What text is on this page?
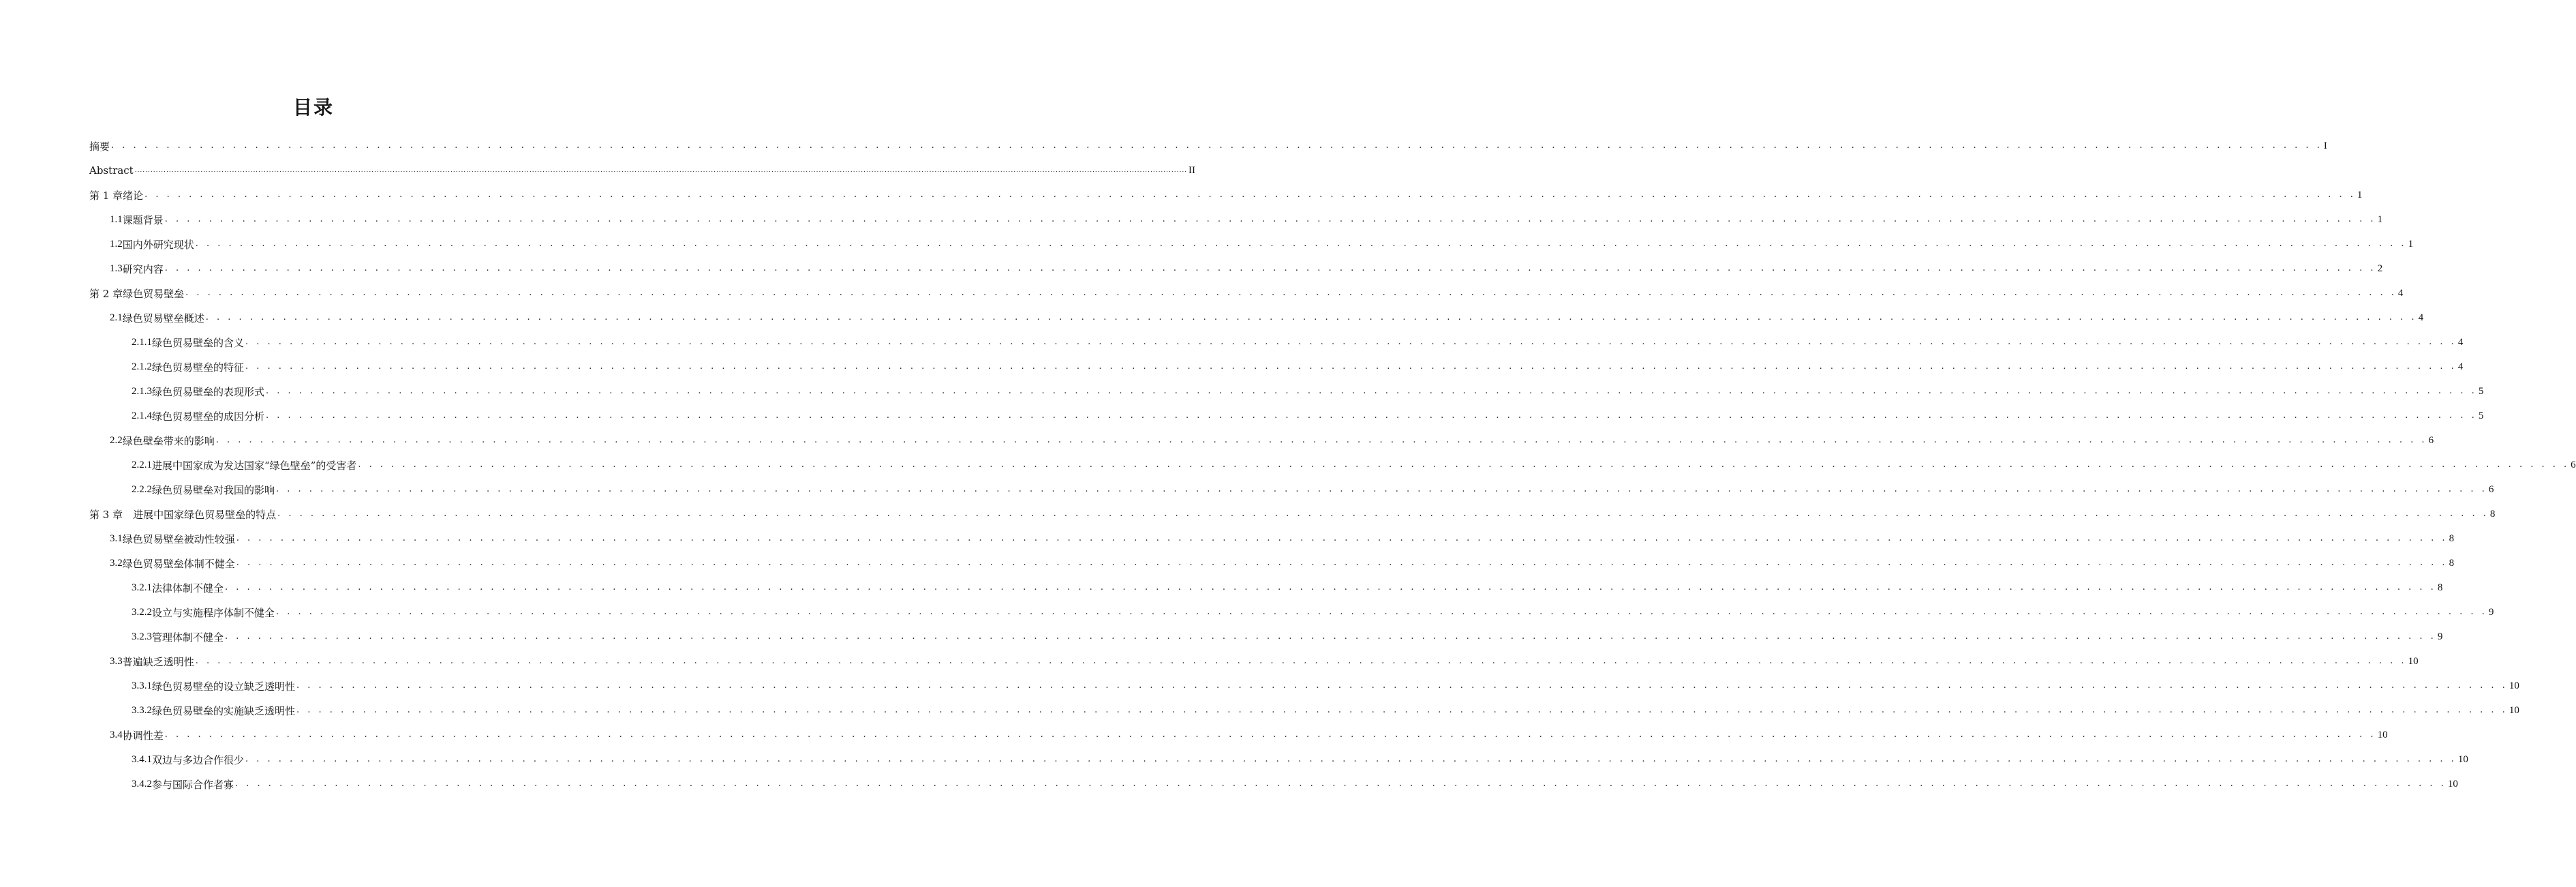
目录
摘要 . . . . . . . . . . . . . . . . . . . . . . . . . . . . . . . . . . . . . . . . . . . . . . . . . . . . . . . . . . . . . . . . . . . . . . . . . . . . . . . . . . . . . . . . . . . . . . . . . . . . . . . . . . . . . . . . . . . . . . . . . . . . . . . . . . . . . . . . . . . . . . . . . . . . . . . . . . . . . . . . . . . . . . . . . . . . . . . . . . . . . . . . . . . . . . . . . . . . . . . . I
Abstract ................................................................................................................................................................................................................................................................................................................................................................................................................ II
第 1 章绪论 . . . . . . . . . . . . . . . . . . . . . . . . . . . . . . . . . . . . . . . . . . . . . . . . . . . . . . . . . . . . . . . . . . . . . . . . . . . . . . . . . . . . . . . . . . . . . . . . . . . . . . . . . . . . . . . . . . . . . . . . . . . . . . . . . . . . . . . . . . . . . . . . . . . . . . . . . . . . . . . . . . . . . . . . . . . . . . . . . . . . . . . . . . . . . . . . . . . . . . . . 1
1.1 课题背景 . . . . . . . . . . . . . . . . . . . . . . . . . . . . . . . . . . . . . . . . . . . . . . . . . . . . . . . . . . . . . . . . . . . . . . . . . . . . . . . . . . . . . . . . . . . . . . . . . . . . . . . . . . . . . . . . . . . . . . . . . . . . . . . . . . . . . . . . . . . . . . . . . . . . . . . . . . . . . . . . . . . . . . . . . . . . . . . . . . . . . . . . . . . . . . . . . . . . . . . . 1
1.2 国内外研究现状 . . . . . . . . . . . . . . . . . . . . . . . . . . . . . . . . . . . . . . . . . . . . . . . . . . . . . . . . . . . . . . . . . . . . . . . . . . . . . . . . . . . . . . . . . . . . . . . . . . . . . . . . . . . . . . . . . . . . . . . . . . . . . . . . . . . . . . . . . . . . . . . . . . . . . . . . . . . . . . . . . . . . . . . . . . . . . . . . . . . . . . . . . . . . . . . . . . . . . . . . 1
1.3 研究内容 . . . . . . . . . . . . . . . . . . . . . . . . . . . . . . . . . . . . . . . . . . . . . . . . . . . . . . . . . . . . . . . . . . . . . . . . . . . . . . . . . . . . . . . . . . . . . . . . . . . . . . . . . . . . . . . . . . . . . . . . . . . . . . . . . . . . . . . . . . . . . . . . . . . . . . . . . . . . . . . . . . . . . . . . . . . . . . . . . . . . . . . . . . . . . . . . . . . . . . . . 2
第 2 章绿色贸易壁垒 . . . . . . . . . . . . . . . . . . . . . . . . . . . . . . . . . . . . . . . . . . . . . . . . . . . . . . . . . . . . . . . . . . . . . . . . . . . . . . . . . . . . . . . . . . . . . . . . . . . . . . . . . . . . . . . . . . . . . . . . . . . . . . . . . . . . . . . . . . . . . . . . . . . . . . . . . . . . . . . . . . . . . . . . . . . . . . . . . . . . . . . . . . . . . . . . . . . . . . . . 4
2.1 绿色贸易壁垒概述 . . . . . . . . . . . . . . . . . . . . . . . . . . . . . . . . . . . . . . . . . . . . . . . . . . . . . . . . . . . . . . . . . . . . . . . . . . . . . . . . . . . . . . . . . . . . . . . . . . . . . . . . . . . . . . . . . . . . . . . . . . . . . . . . . . . . . . . . . . . . . . . . . . . . . . . . . . . . . . . . . . . . . . . . . . . . . . . . . . . . . . . . . . . . . . . . . . . . . . . . 4
2.1.1 绿色贸易壁垒的含义 . . . . . . . . . . . . . . . . . . . . . . . . . . . . . . . . . . . . . . . . . . . . . . . . . . . . . . . . . . . . . . . . . . . . . . . . . . . . . . . . . . . . . . . . . . . . . . . . . . . . . . . . . . . . . . . . . . . . . . . . . . . . . . . . . . . . . . . . . . . . . . . . . . . . . . . . . . . . . . . . . . . . . . . . . . . . . . . . . . . . . . . . . . . . . . . . . . . . . . . . 4
2.1.2 绿色贸易壁垒的特征 . . . . . . . . . . . . . . . . . . . . . . . . . . . . . . . . . . . . . . . . . . . . . . . . . . . . . . . . . . . . . . . . . . . . . . . . . . . . . . . . . . . . . . . . . . . . . . . . . . . . . . . . . . . . . . . . . . . . . . . . . . . . . . . . . . . . . . . . . . . . . . . . . . . . . . . . . . . . . . . . . . . . . . . . . . . . . . . . . . . . . . . . . . . . . . . . . . . . . . . . 4
2.1.3 绿色贸易壁垒的表现形式 . . . . . . . . . . . . . . . . . . . . . . . . . . . . . . . . . . . . . . . . . . . . . . . . . . . . . . . . . . . . . . . . . . . . . . . . . . . . . . . . . . . . . . . . . . . . . . . . . . . . . . . . . . . . . . . . . . . . . . . . . . . . . . . . . . . . . . . . . . . . . . . . . . . . . . . . . . . . . . . . . . . . . . . . . . . . . . . . . . . . . . . . . . . . . . . . . . . . . . . . 5
2.1.4 绿色贸易壁垒的成因分析 . . . . . . . . . . . . . . . . . . . . . . . . . . . . . . . . . . . . . . . . . . . . . . . . . . . . . . . . . . . . . . . . . . . . . . . . . . . . . . . . . . . . . . . . . . . . . . . . . . . . . . . . . . . . . . . . . . . . . . . . . . . . . . . . . . . . . . . . . . . . . . . . . . . . . . . . . . . . . . . . . . . . . . . . . . . . . . . . . . . . . . . . . . . . . . . . . . . . . . . . 5
2.2 绿色壁垒带来的影响 . . . . . . . . . . . . . . . . . . . . . . . . . . . . . . . . . . . . . . . . . . . . . . . . . . . . . . . . . . . . . . . . . . . . . . . . . . . . . . . . . . . . . . . . . . . . . . . . . . . . . . . . . . . . . . . . . . . . . . . . . . . . . . . . . . . . . . . . . . . . . . . . . . . . . . . . . . . . . . . . . . . . . . . . . . . . . . . . . . . . . . . . . . . . . . . . . . . . . . . . 6
2.2.1 进展中国家成为发达国家“绿色壁垒”的受害者 . . . . . . . . . . . . . . . . . . . . . . . . . . . . . . . . . . . . . . . . . . . . . . . . . . . . . . . . . . . . . . . . . . . . . . . . . . . . . . . . . . . . . . . . . . . . . . . . . . . . . . . . . . . . . . . . . . . . . . . . . . . . . . . . . . . . . . . . . . . . . . . . . . . . . . . . . . . . . . . . . . . . . . . . . . . . . . . . . . . . . . . . . . . . . . . . . . . . . . . . 6
2.2.2 绿色贸易壁垒对我国的影响 . . . . . . . . . . . . . . . . . . . . . . . . . . . . . . . . . . . . . . . . . . . . . . . . . . . . . . . . . . . . . . . . . . . . . . . . . . . . . . . . . . . . . . . . . . . . . . . . . . . . . . . . . . . . . . . . . . . . . . . . . . . . . . . . . . . . . . . . . . . . . . . . . . . . . . . . . . . . . . . . . . . . . . . . . . . . . . . . . . . . . . . . . . . . . . . . . . . . . . . . 6
第 3 章　进展中国家绿色贸易壁垒的特点 . . . . . . . . . . . . . . . . . . . . . . . . . . . . . . . . . . . . . . . . . . . . . . . . . . . . . . . . . . . . . . . . . . . . . . . . . . . . . . . . . . . . . . . . . . . . . . . . . . . . . . . . . . . . . . . . . . . . . . . . . . . . . . . . . . . . . . . . . . . . . . . . . . . . . . . . . . . . . . . . . . . . . . . . . . . . . . . . . . . . . . . . . . . . . . . . . . . . . . . . 8
3.1 绿色贸易壁垒被动性较强 . . . . . . . . . . . . . . . . . . . . . . . . . . . . . . . . . . . . . . . . . . . . . . . . . . . . . . . . . . . . . . . . . . . . . . . . . . . . . . . . . . . . . . . . . . . . . . . . . . . . . . . . . . . . . . . . . . . . . . . . . . . . . . . . . . . . . . . . . . . . . . . . . . . . . . . . . . . . . . . . . . . . . . . . . . . . . . . . . . . . . . . . . . . . . . . . . . . . . . . . 8
3.2 绿色贸易壁垒体制不健全 . . . . . . . . . . . . . . . . . . . . . . . . . . . . . . . . . . . . . . . . . . . . . . . . . . . . . . . . . . . . . . . . . . . . . . . . . . . . . . . . . . . . . . . . . . . . . . . . . . . . . . . . . . . . . . . . . . . . . . . . . . . . . . . . . . . . . . . . . . . . . . . . . . . . . . . . . . . . . . . . . . . . . . . . . . . . . . . . . . . . . . . . . . . . . . . . . . . . . . . . 8
3.2.1 法律体制不健全 . . . . . . . . . . . . . . . . . . . . . . . . . . . . . . . . . . . . . . . . . . . . . . . . . . . . . . . . . . . . . . . . . . . . . . . . . . . . . . . . . . . . . . . . . . . . . . . . . . . . . . . . . . . . . . . . . . . . . . . . . . . . . . . . . . . . . . . . . . . . . . . . . . . . . . . . . . . . . . . . . . . . . . . . . . . . . . . . . . . . . . . . . . . . . . . . . . . . . . . . 8
3.2.2 设立与实施程序体制不健全 . . . . . . . . . . . . . . . . . . . . . . . . . . . . . . . . . . . . . . . . . . . . . . . . . . . . . . . . . . . . . . . . . . . . . . . . . . . . . . . . . . . . . . . . . . . . . . . . . . . . . . . . . . . . . . . . . . . . . . . . . . . . . . . . . . . . . . . . . . . . . . . . . . . . . . . . . . . . . . . . . . . . . . . . . . . . . . . . . . . . . . . . . . . . . . . . . . . . . . . . 9
3.2.3 管理体制不健全 . . . . . . . . . . . . . . . . . . . . . . . . . . . . . . . . . . . . . . . . . . . . . . . . . . . . . . . . . . . . . . . . . . . . . . . . . . . . . . . . . . . . . . . . . . . . . . . . . . . . . . . . . . . . . . . . . . . . . . . . . . . . . . . . . . . . . . . . . . . . . . . . . . . . . . . . . . . . . . . . . . . . . . . . . . . . . . . . . . . . . . . . . . . . . . . . . . . . . . . . 9
3.3 普遍缺乏透明性 . . . . . . . . . . . . . . . . . . . . . . . . . . . . . . . . . . . . . . . . . . . . . . . . . . . . . . . . . . . . . . . . . . . . . . . . . . . . . . . . . . . . . . . . . . . . . . . . . . . . . . . . . . . . . . . . . . . . . . . . . . . . . . . . . . . . . . . . . . . . . . . . . . . . . . . . . . . . . . . . . . . . . . . . . . . . . . . . . . . . . . . . . . . . . . . . . . . . . . . . 10
3.3.1 绿色贸易壁垒的设立缺乏透明性 . . . . . . . . . . . . . . . . . . . . . . . . . . . . . . . . . . . . . . . . . . . . . . . . . . . . . . . . . . . . . . . . . . . . . . . . . . . . . . . . . . . . . . . . . . . . . . . . . . . . . . . . . . . . . . . . . . . . . . . . . . . . . . . . . . . . . . . . . . . . . . . . . . . . . . . . . . . . . . . . . . . . . . . . . . . . . . . . . . . . . . . . . . . . . . . . . . . . . . . . 10
3.3.2 绿色贸易壁垒的实施缺乏透明性 . . . . . . . . . . . . . . . . . . . . . . . . . . . . . . . . . . . . . . . . . . . . . . . . . . . . . . . . . . . . . . . . . . . . . . . . . . . . . . . . . . . . . . . . . . . . . . . . . . . . . . . . . . . . . . . . . . . . . . . . . . . . . . . . . . . . . . . . . . . . . . . . . . . . . . . . . . . . . . . . . . . . . . . . . . . . . . . . . . . . . . . . . . . . . . . . . . . . . . . . 10
3.4 协调性差 . . . . . . . . . . . . . . . . . . . . . . . . . . . . . . . . . . . . . . . . . . . . . . . . . . . . . . . . . . . . . . . . . . . . . . . . . . . . . . . . . . . . . . . . . . . . . . . . . . . . . . . . . . . . . . . . . . . . . . . . . . . . . . . . . . . . . . . . . . . . . . . . . . . . . . . . . . . . . . . . . . . . . . . . . . . . . . . . . . . . . . . . . . . . . . . . . . . . . . . . 10
3.4.1 双边与多边合作很少 . . . . . . . . . . . . . . . . . . . . . . . . . . . . . . . . . . . . . . . . . . . . . . . . . . . . . . . . . . . . . . . . . . . . . . . . . . . . . . . . . . . . . . . . . . . . . . . . . . . . . . . . . . . . . . . . . . . . . . . . . . . . . . . . . . . . . . . . . . . . . . . . . . . . . . . . . . . . . . . . . . . . . . . . . . . . . . . . . . . . . . . . . . . . . . . . . . . . . . . . 10
3.4.2 参与国际合作者寡 . . . . . . . . . . . . . . . . . . . . . . . . . . . . . . . . . . . . . . . . . . . . . . . . . . . . . . . . . . . . . . . . . . . . . . . . . . . . . . . . . . . . . . . . . . . . . . . . . . . . . . . . . . . . . . . . . . . . . . . . . . . . . . . . . . . . . . . . . . . . . . . . . . . . . . . . . . . . . . . . . . . . . . . . . . . . . . . . . . . . . . . . . . . . . . . . . . . . . . . . 10
